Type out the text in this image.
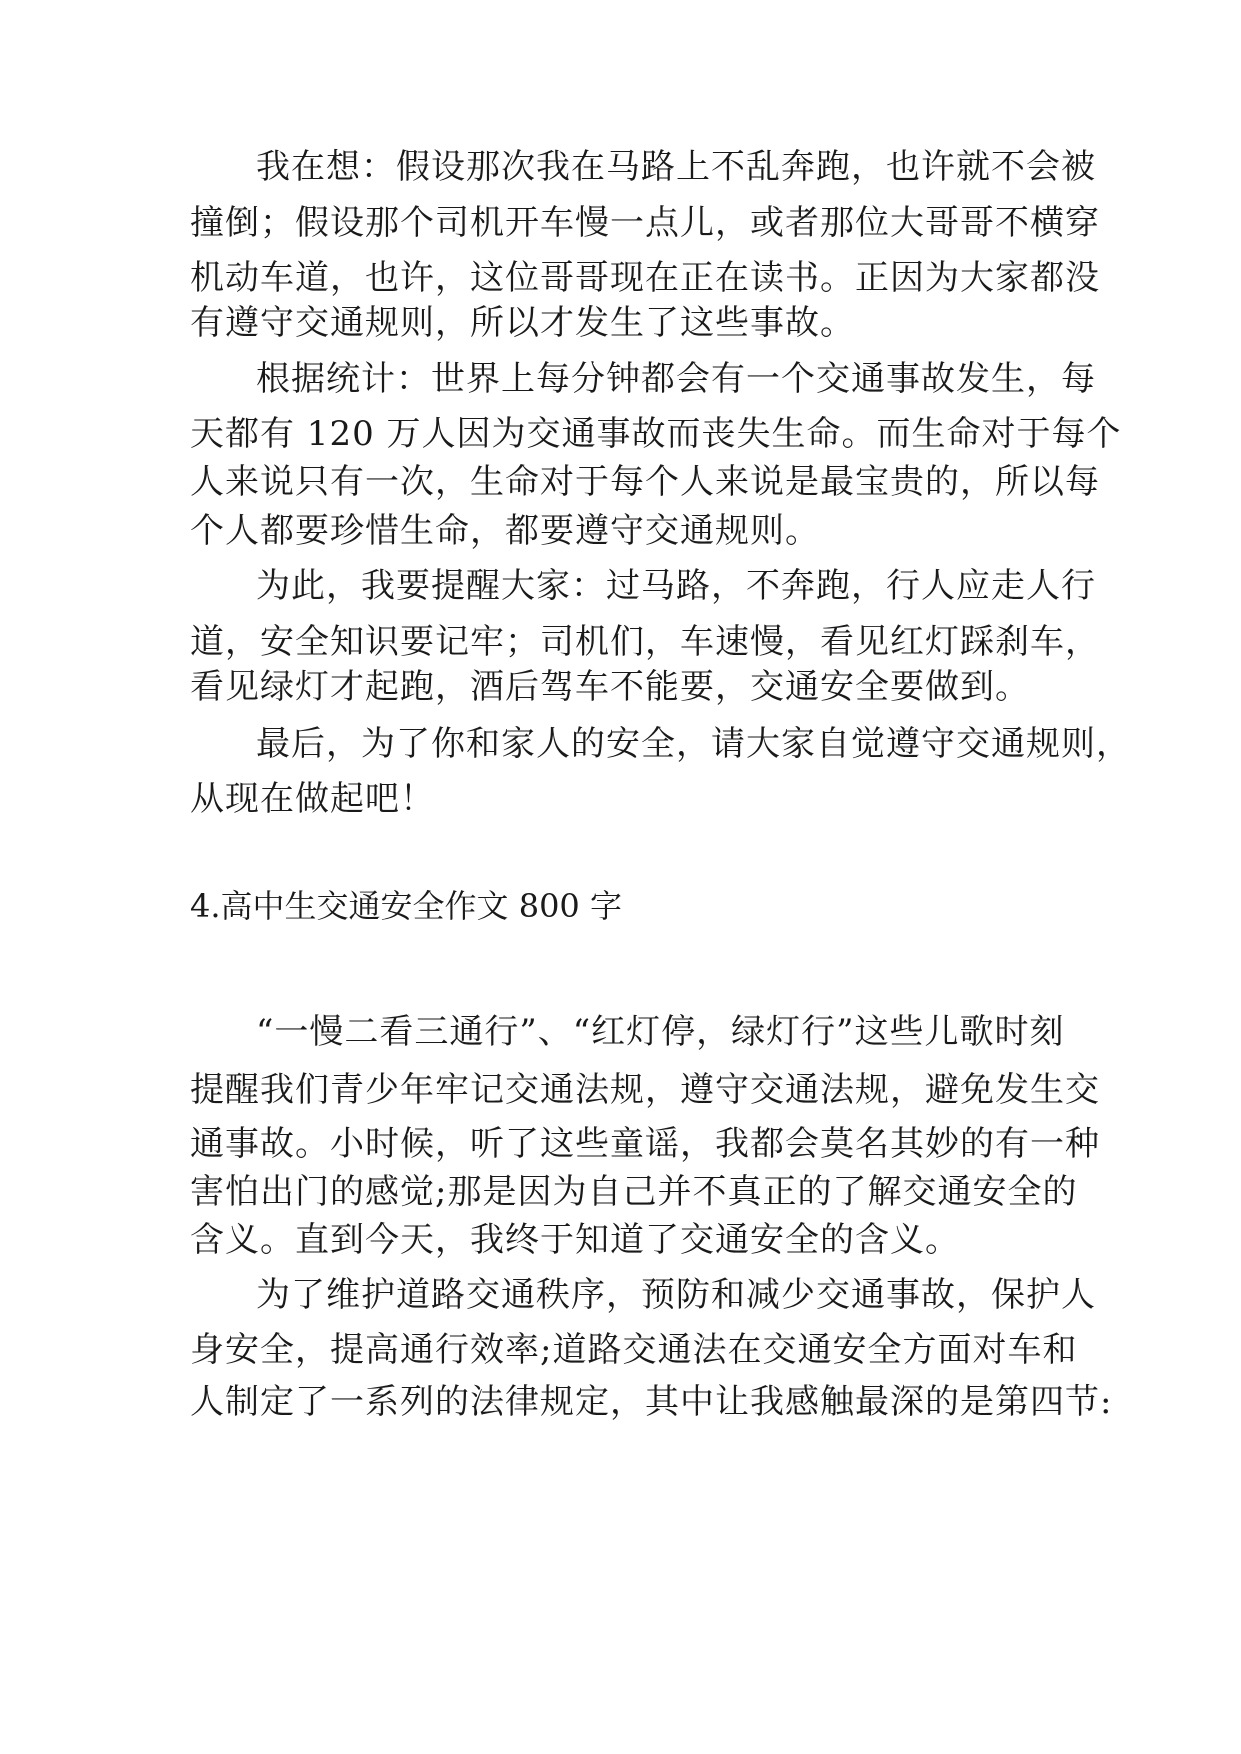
我在想：假设那次我在马路上不乱奔跑，也许就不会被
撞倒；假设那个司机开车慢一点儿，或者那位大哥哥不横穿
机动车道，也许，这位哥哥现在正在读书。正因为大家都没
有遵守交通规则，所以才发生了这些事故。
根据统计：世界上每分钟都会有一个交通事故发生，每
天都有 120 万人因为交通事故而丧失生命。而生命对于每个
人来说只有一次，生命对于每个人来说是最宝贵的，所以每
个人都要珍惜生命，都要遵守交通规则。
为此，我要提醒大家：过马路，不奔跑，行人应走人行
道，安全知识要记牢；司机们，车速慢，看见红灯踩刹车，
看见绿灯才起跑，酒后驾车不能要，交通安全要做到。
最后，为了你和家人的安全，请大家自觉遵守交通规则，
从现在做起吧！
4.高中生交通安全作文 800 字
“一慢二看三通行”、“红灯停，绿灯行”这些儿歌时刻
提醒我们青少年牢记交通法规，遵守交通法规，避免发生交
通事故。小时候，听了这些童谣，我都会莫名其妙的有一种
害怕出门的感觉;那是因为自己并不真正的了解交通安全的
含义。直到今天，我终于知道了交通安全的含义。
为了维护道路交通秩序，预防和减少交通事故，保护人
身安全，提高通行效率;道路交通法在交通安全方面对车和
人制定了一系列的法律规定，其中让我感触最深的是第四节:
